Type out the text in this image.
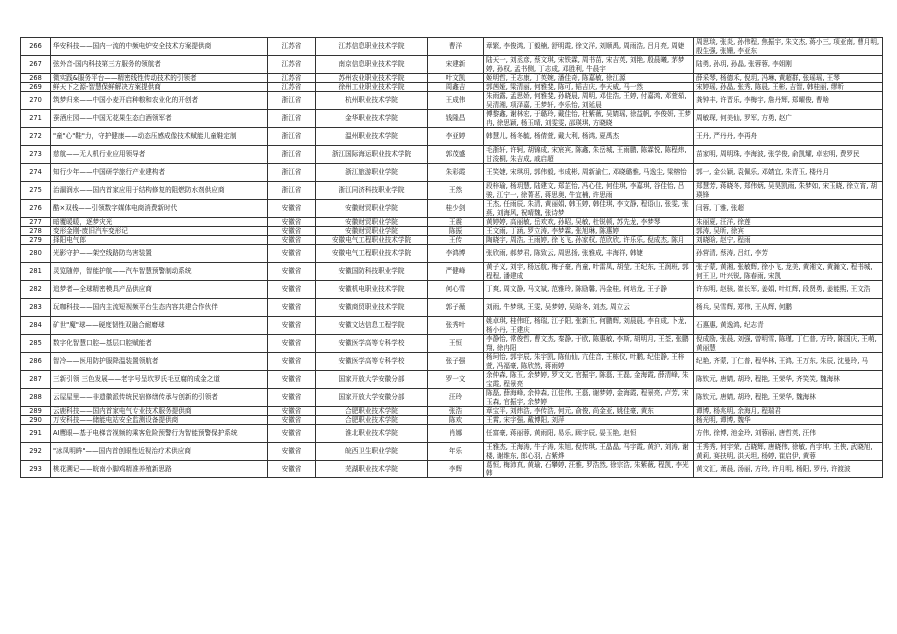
266	华安科技——国内一流的中频电炉安全技术方案提供商	江苏省	江苏信息职业技术学院	曹洋	章繁, 李俊鸿, 丁毅楠, 舒明霞, 徐文洋, 刘顺禹, 周雨浩, 吕月亮, 周婕	周思琰, 张炎, 孙伟程, 焦振宇, 朱文杰, 蒋小三, 项亚南, 曹月明, 殷生强, 张姗, 李亚东

267	弦外音-国内科技第三方服务的领航者	江苏省	南京信息职业技术学院	宋建新	陆天一, 刘丞彦, 蔡文琪, 宋铁霖, 周书苗, 宋吉英, 刘艳, 殷晨曦, 茅梦婷, 孙权, 孟书侧, 丁志成, 邓胜利, 牛晨宇	陆勇, 孙玥, 孙晶, 张蓉蓉, 李姐刚

268	微实践&服务平台——精密线性传动技术的引领者	江苏省	苏州农业职业技术学院	叶文凯	姬明哲, 王志康, 丁英婉, 潘佳奇, 陈嘉敏, 徐江源	薛采琴, 杨德禾, 倪玥, 冯琳, 黄超群, 张瑶瑶, 王琴

269	鲜天下之源-智慧保鲜解决方案提供商	江苏省	徐州工业职业技术学院	周鑫吉	郭茜娅, 梁清丽, 何雅斐, 陈可, 韬吉庆, 李天威, 马一然	宋婷瑶, 孙晶, 张秀, 陈晨, 王彬, 吉智, 韩桂丽, 缪昕

270	筑梦归来——中国小麦开启种粮和农业化的开创者	浙江省	杭州职业技术学院	王成伟	朱雨露, 孟思娇, 何雅斐, 孙晓晨, 周明, 邓佳浩, 王婷, 付嘉鸿, 邓萱茹, 吴清湘, 项泽嘉, 王梦轩, 李乐怡, 刘延晨	龚钟丰, 许晋乐, 李梅宇, 詹丹辉, 郑曜俊, 曹啥

271	蚕酒庄园——中国无花果生态白酒领军者	浙江省	金华职业技术学院	钱隆昌	傅黎鑫, 谢林宏, 于璐玲, 戴佳怡, 杜紫薇, 吴婧瑶, 徐益帆, 李俊妍, 王梦冉, 徐思颖, 杨玉晴, 刘雯雯, 邵瑛琪, 方晓晓	周敏琛, 何美仙, 罗军, 方勇, 赵广

272	"童"心"鞋"力，守护健康——动态压感成像技术赋能儿童鞋定制	浙江省	温州职业技术学院	李亚婷	韩慧儿, 杨冬毓, 杨倩萱, 戴大利, 杨鸿, 夏禹杰	王丹, 严丹丹, 李再舟

273	慈航——无人机行业应用领导者	浙江省	浙江国际海运职业技术学院	郭茂盛	毛浙轩, 许轲, 胡锦成, 宋宸宾, 陈鑫, 朱岳城, 王雨鹏, 陈霖悦, 陈程炜, 甘浚桐, 朱吉成, 戚启超	苗家明, 周明珠, 李海波, 张学俊, 俞凯耀, 卓宏明, 费罗民

274	知行少年——中国研学旅行产业建构者	浙江省	浙江旅游职业学院	朱彩霞	王笑婕, 宋琪玥, 郭伟毅, 韦成彬, 周新渝仁, 邓晓璐雅, 马逸尘, 梁榕怡	郭一, 金公颖, 袁佩乐, 邓婧宜, 朱青玉, 楼丹月

275	治漏润水——国内首家应用于结构修复的阻燃防水剂供应商	浙江省	浙江同济科技职业学院	王然	段梓瑜, 杨玥慧, 陆建文, 郑芷怡, 冯心佳, 何佳琪, 李嘉琪, 谷佳怡, 吕骏, 江宁一, 徐菁茗, 蒋思奥, 牛宜楠, 许思雨	郑慧芳, 蒋晓冬, 郑伟炳, 吴昊凯雨, 朱梦如, 宋玉晓, 徐立宵, 胡瑛锋

276	酷×双栈——引领数字媒体电商消费新时代	安徽省	安徽财贸职业学院	桂少剑	王杰, 任雨辰, 朱清, 黄丽娟, 韩玉婷, 韩佳琪, 李文静, 程语山, 张雯, 张燕, 刘海风, 祝晴魏, 张诗梦	闫蓉, 丁雅, 张超

277	暗覆暖暖，逐梦灾光	安徽省	安徽财贸职业学院	王震	黄婷婷, 高丽敏, 岳欢欢, 孙昭, 吴敏, 杜锐顿, 苏先龙, 李梦琴	朱丽夏, 汪洋, 徐莲

278	变形金刚-废旧汽车变形记	安徽省	安徽财贸职业学院	陈振	王文雨, 丁涵, 罗立涛, 李梦霖, 张旭琳, 陈惠婷	郭涛, 吴昕, 徐宾

279	择阳电气郎	安徽省	安徽电气工程职业技术学院	王传	陶晓宇, 周浩, 王雨婷, 徐飞飞, 孙家权, 范欣欣, 许乐乐, 倪成杰, 陈月	刘晓晗, 赵宁, 程雨

280	光影守护——架空线路防鸟害装置	安徽省	安徽电气工程职业技术学院	李鸿博	张欣雨, 郝梦君, 陈致云, 周思扬, 张雅成, 丰海祥, 韩婕	孙营清, 蔡涛, 吕红, 李芳

281	灵览随停，智能护航——汽车智慧预警制动系统	安徽省	安徽国防科技职业学院	严健峰	黄子义, 刘宇, 杨远航, 梅子豪, 肖童, 叶雷凤, 胡莹, 王纪东, 王润班, 郭程程, 潘建成	张子蒙, 黄湘, 张敏辉, 徐小飞, 龙美, 黄湘文, 黄瀚文, 程书城, 何王卫, 叶兴锐, 陈春雨, 宋凯

282	追梦者—全球精密模具产品供应商	安徽省	安徽机电职业技术学院	何心雪	丁爽, 周文静, 马文斌, 范雅玲, 陈励馨, 冯金桂, 何培龙, 王子静	许东明, 赵骇, 崔长军, 姜娟, 叶红辉, 段贤勇, 姜能熙, 王文浩

283	玩咖科技——国内主流短视频平台生态内容共建合作伙伴	安徽省	安徽商贸职业技术学院	郭子薇	刘雨, 牛梦琪, 王雯, 吴梦婷, 吴晗冬, 刘杰, 周立云	杨兵, 吴雪辉, 郑伟, 王从辉, 何鹏

284	矿世"魔"球——硬度韧性双融合耐磨球	安徽省	安徽文达信息工程学院	张秀叶	姚卓琪, 桂伟旺, 杨瑞, 江子阳, 张新玉, 何鹏辉, 刘晨晨, 李自成, 卜龙, 杨小丹, 王建庆	石惠惠, 黄逸鸿, 纪志青

285	数字化智慧口腔—基层口腔赋能者	安徽省	安徽医学高等专科学校	王恒	李静怡, 常俊哲, 曹文杰, 秦静, 于欧, 陈惠敏, 李斯, 胡明月, 王荃, 张鹏翔, 徐冉阳	倪成励, 张晨, 刘强, 曾明雪, 陈瑾, 丁仁普, 方玲, 陈国庆, 王萌, 黄丽慧

286	智冷——医用防护服降温装置领航者	安徽省	安徽医学高等专科学校	张子强	杨珂怡, 郭宇辰, 朱宇凯, 陈仙仙, 亢佳音, 王栋仪, 叶鹏, 纪佳静, 王梓萱, 冯福豪, 陈欣然, 蒋雨婷	纪艳, 齐蒙, 丁仁普, 程华林, 王鸿, 王万东, 朱辰, 沈曼玲, 马

287	三新引领 三色发展——老字号呈坎罗氏毛豆腐的成金之道	安徽省	国家开放大学安徽分部	罗一文	余仲森, 陈玉, 余梦婷, 罗文文, 官振宇, 陈磊, 王磊, 金海霞, 薛清峰, 朱宝霞, 程景亮	陈钦元, 唐婧, 胡玲, 程艳, 王荣华, 齐笑笑, 魏海林

288	云屋屋里——非遗徽派传统民宿修缮传承与创新的引领者	安徽省	国家开放大学安徽分部	汪玲	陈磊, 薛海峰, 余仲森, 江佳伟, 王磊, 谢梦婷, 金海霞, 程景亮, 卢芳, 宋玉森, 官振宇, 余梦婷	陈钦元, 唐婧, 胡玲, 程艳, 王荣华, 魏海林

289	云鹿科技——国内首家电气专业技术服务提供商	安徽省	合肥职业技术学院	张浩	章宝平, 刘炜浩, 李传浩, 何元, 俞俊, 尚金亚, 姚佳豪, 黄东	谭博, 杨兆明, 余海月, 程瑞君

290	万安科技——储能电站安全监测设备提供商	安徽省	合肥职业技术学院	陈欢	王霄, 宋宇强, 戴博阳, 刘萍	杨光明, 谭博, 魏华

291	AI鹰眼—基于电梯音视频的乘客危险预警行为智能预警保护系统	安徽省	淮北职业技术学院	肖娜	任富豪, 蒋丽蓉, 黄雨阳, 易乐, 顾宇辰, 晏玉艳, 赵恒	方伟, 徐博, 池金玲, 刘蓉丽, 唐哲英, 汪伟

292	"冰凤明眸"——国内首创眼性近视治疗术供应商	安徽省	皖西卫生职业学院	年乐	王雅杰, 王海涛, 牛子涛, 朱旭, 倪传琪, 王晶晶, 马宇霞, 黄沪, 刘涛, 谢楼, 谢维东, 郎心羽, 占紫烨	王秀秀, 何宇荣, 占晓辉, 唐晓伟, 徐敏, 肖宇坤, 王侠, 武晓旭, 黄莉, 赛扶明, 洪天坦, 杨婷, 崔启伊, 黄蓉

293	桃花溯记——皖南小脚鸡精准养殖新思路	安徽省	芜湖职业技术学院	李辉	葛恒, 梅沛真, 黄瑜, 石攀婷, 汪雅, 罗浩然, 徐宗浩, 朱紫薇, 程凯, 李光韩	黄文汇, 萧晨, 汤丽, 方玲, 许月明, 杨阳, 罗丹, 许渡波
